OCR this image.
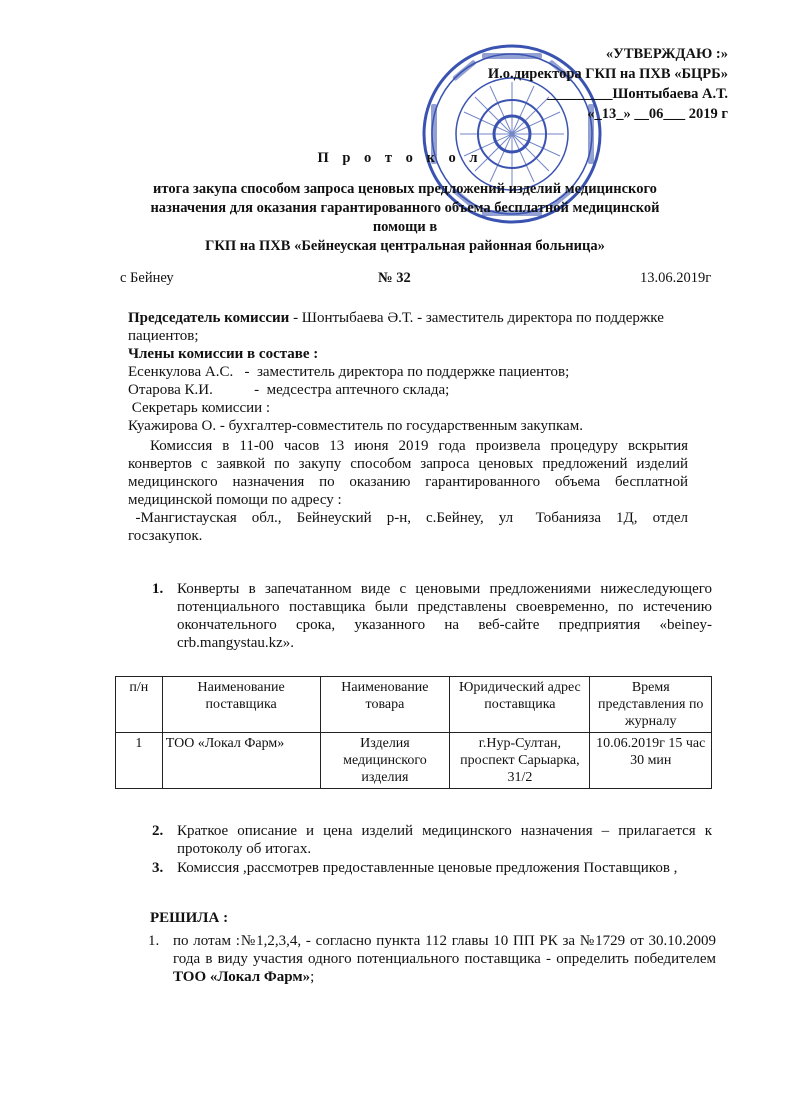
«УТВЕРЖДАЮ :»
И.о.директора ГКП на ПХВ «БЦРБ»
_________Шонтыбаева А.Т.
«_13_» __06___ 2019 г
П р о т о к о л
итога закупа способом запроса ценовых предложений изделий медицинского
назначения для оказания гарантированного объема бесплатной медицинской
помощи в
ГКП на ПХВ «Бейнеуская центральная районная больница»
с Бейнеу	№ 32	13.06.2019г
Председатель комиссии - Шонтыбаева Ә.Т. - заместитель директора по поддержке пациентов;
Члены комиссии в составе :
Есенкулова А.С.   -  заместитель директора по поддержке пациентов;
Отарова К.И.           -  медсестра аптечного склада;
Секретарь комиссии :
Куажирова О. - бухгалтер-совместитель по государственным закупкам.
Комиссия в 11-00 часов 13 июня 2019 года произвела процедуру вскрытия конвертов с заявкой по закупу способом запроса ценовых предложений изделий медицинского назначения по оказанию гарантированного объема бесплатной медицинской помощи по адресу :
-Мангистауская  обл.,  Бейнеуский  р-н,  с.Бейнеу,  ул   Тобанияза  1Д,  отдел госзакупок.
1. Конверты в запечатанном виде с ценовыми предложениями нижеследующего потенциального поставщика были представлены своевременно, по истечению окончательного срока, указанного на веб-сайте предприятия «beiney-crb.mangystau.kz».
п/н	Наименование поставщика	Наименование товара	Юридический адрес поставщика	Время представления по журналу
1	ТОО «Локал Фарм»	Изделия медицинского изделия	г.Нур-Султан, проспект Сарыарка, 31/2	10.06.2019г 15 час 30 мин
2. Краткое описание и цена изделий медицинского назначения – прилагается к протоколу об итогах.
3. Комиссия ,рассмотрев предоставленные ценовые предложения Поставщиков ,
РЕШИЛА :
1. по лотам :№1,2,3,4, - согласно пункта 112 главы 10 ПП РК за №1729 от 30.10.2009 года в виду участия одного потенциального поставщика - определить победителем ТОО «Локал Фарм»;
